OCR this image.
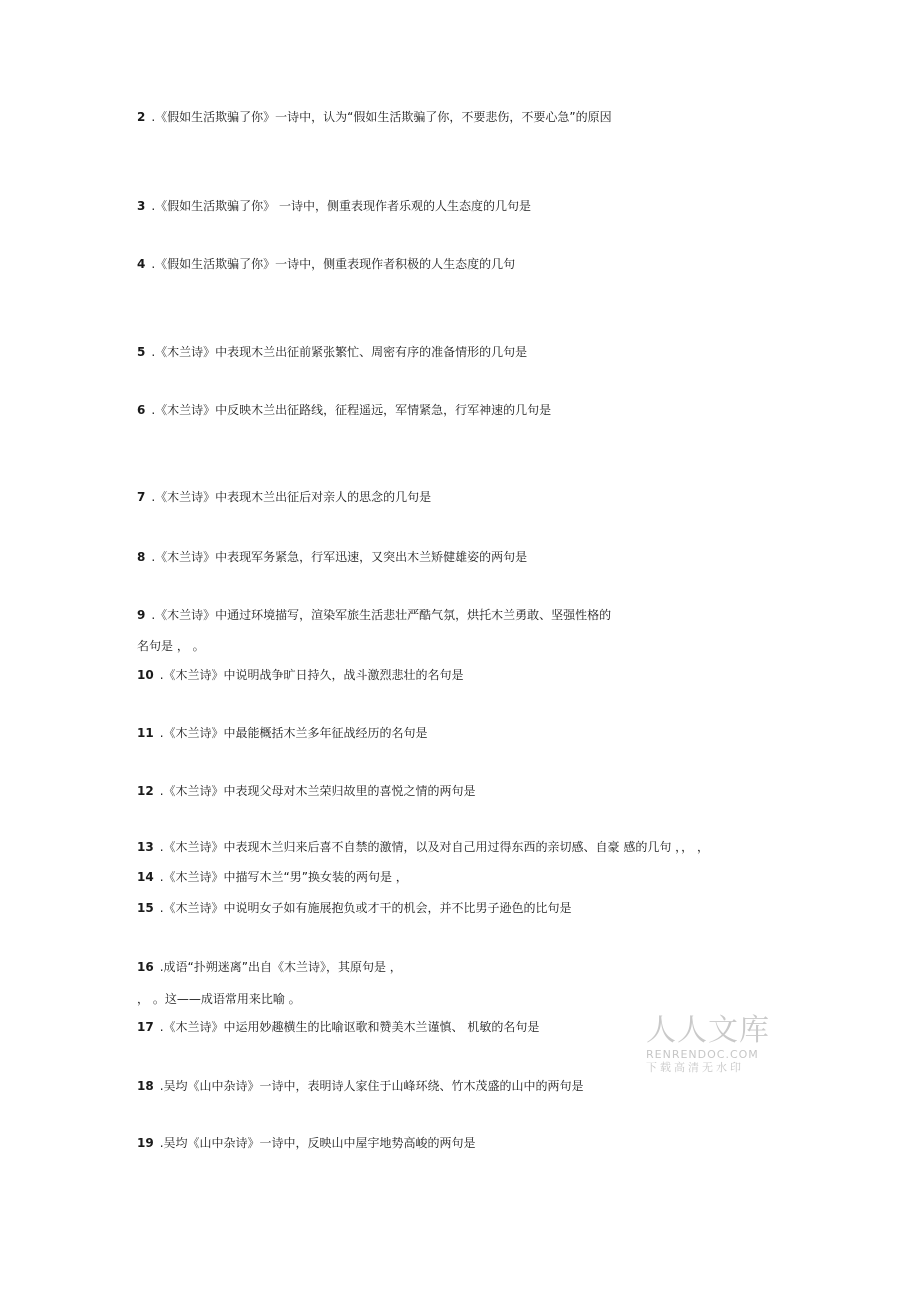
2 .《假如生活欺骗了你》一诗中，认为“假如生活欺骗了你，不要悲伤，不要心急”的原因
3 .《假如生活欺骗了你》 一诗中，侧重表现作者乐观的人生态度的几句是
4 .《假如生活欺骗了你》一诗中，侧重表现作者积极的人生态度的几句
5 .《木兰诗》中表现木兰出征前紧张繁忙、周密有序的准备情形的几句是
6 .《木兰诗》中反映木兰出征路线，征程遥远，军情紧急，行军神速的几句是
7 .《木兰诗》中表现木兰出征后对亲人的思念的几句是
8 .《木兰诗》中表现军务紧急，行军迅速，又突出木兰矫健雄姿的两句是
9 .《木兰诗》中通过环境描写，渲染军旅生活悲壮严酷气氛，烘托木兰勇敢、坚强性格的
名句是 ， 。
10 .《木兰诗》中说明战争旷日持久，战斗激烈悲壮的名句是
11 .《木兰诗》中最能概括木兰多年征战经历的名句是
12 .《木兰诗》中表现父母对木兰荣归故里的喜悦之情的两句是
13 .《木兰诗》中表现木兰归来后喜不自禁的激情，以及对自己用过得东西的亲切感、自豪 感的几句 ，， ，
14 .《木兰诗》中描写木兰“男”换女装的两句是 ，
15 .《木兰诗》中说明女子如有施展抱负或才干的机会，并不比男子逊色的比句是
16 .成语“扑朔迷离”出自《木兰诗》，其原句是 ，
， 。这——成语常用来比喻 。
17 .《木兰诗》中运用妙趣横生的比喻讴歌和赞美木兰谨慎、 机敏的名句是
18 .吴均《山中杂诗》一诗中，表明诗人家住于山峰环绕、竹木茂盛的山中的两句是
19 .吴均《山中杂诗》一诗中，反映山中屋宇地势高峻的两句是
人人文库
RENRENDOC.COM
下载高清无水印
